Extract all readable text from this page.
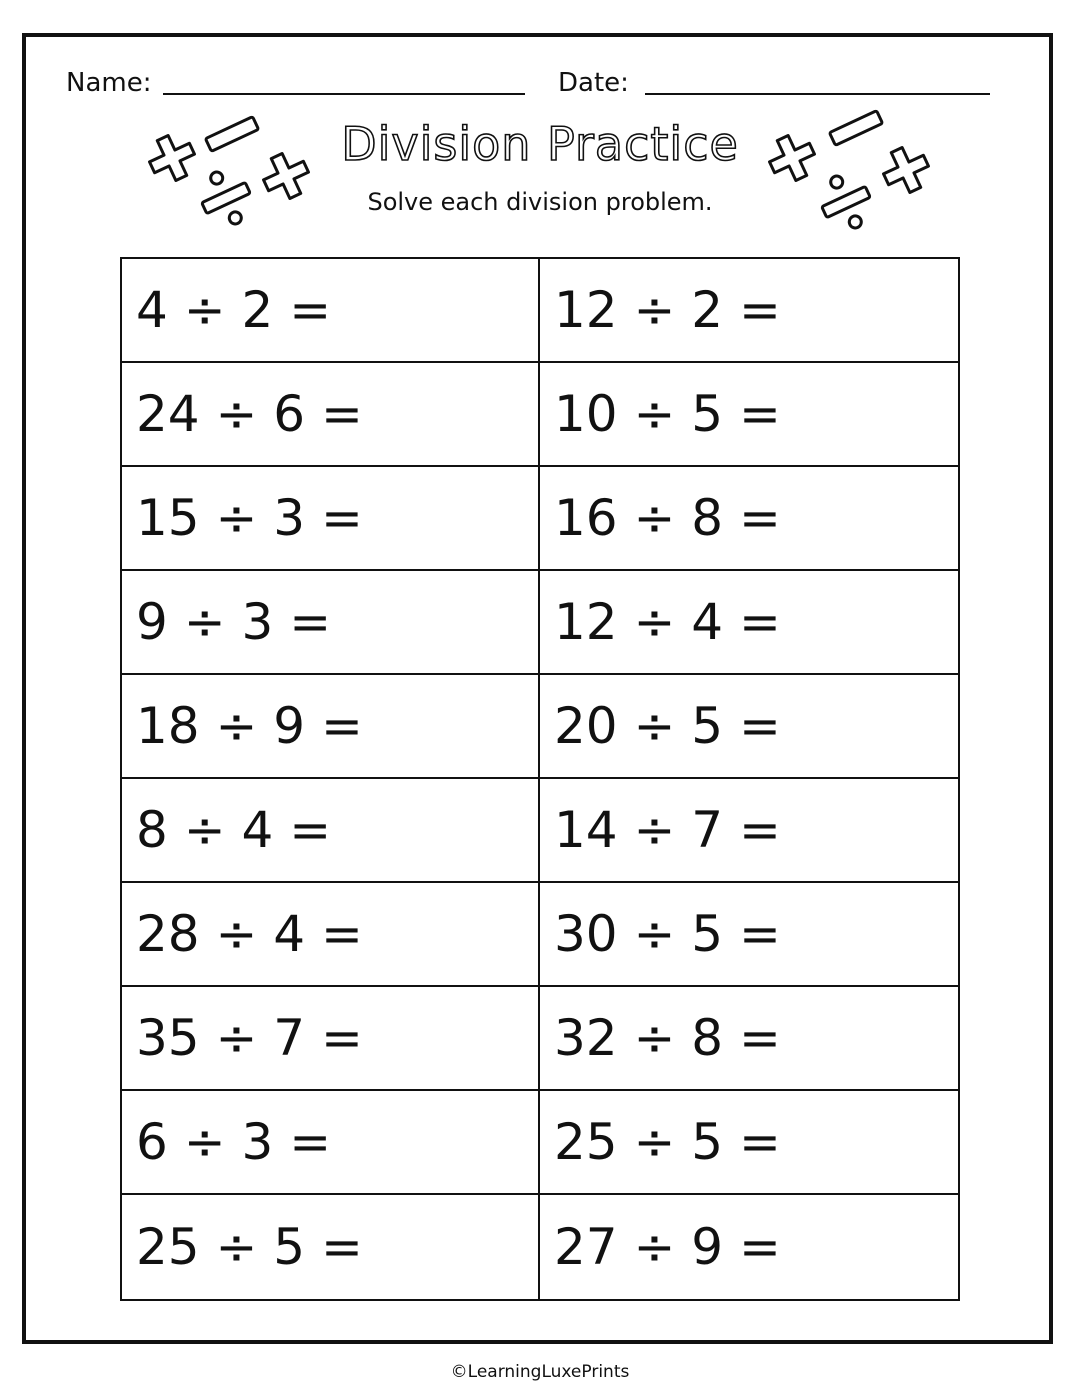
Name:	Date:
Division Practice
Solve each division problem.
4 ÷ 2 =	12 ÷ 2 =
24 ÷ 6 =	10 ÷ 5 =
15 ÷ 3 =	16 ÷ 8 =
9 ÷ 3 =	12 ÷ 4 =
18 ÷ 9 =	20 ÷ 5 =
8 ÷ 4 =	14 ÷ 7 =
28 ÷ 4 =	30 ÷ 5 =
35 ÷ 7 =	32 ÷ 8 =
6 ÷ 3 =	25 ÷ 5 =
25 ÷ 5 =	27 ÷ 9 =
©LearningLuxePrints
